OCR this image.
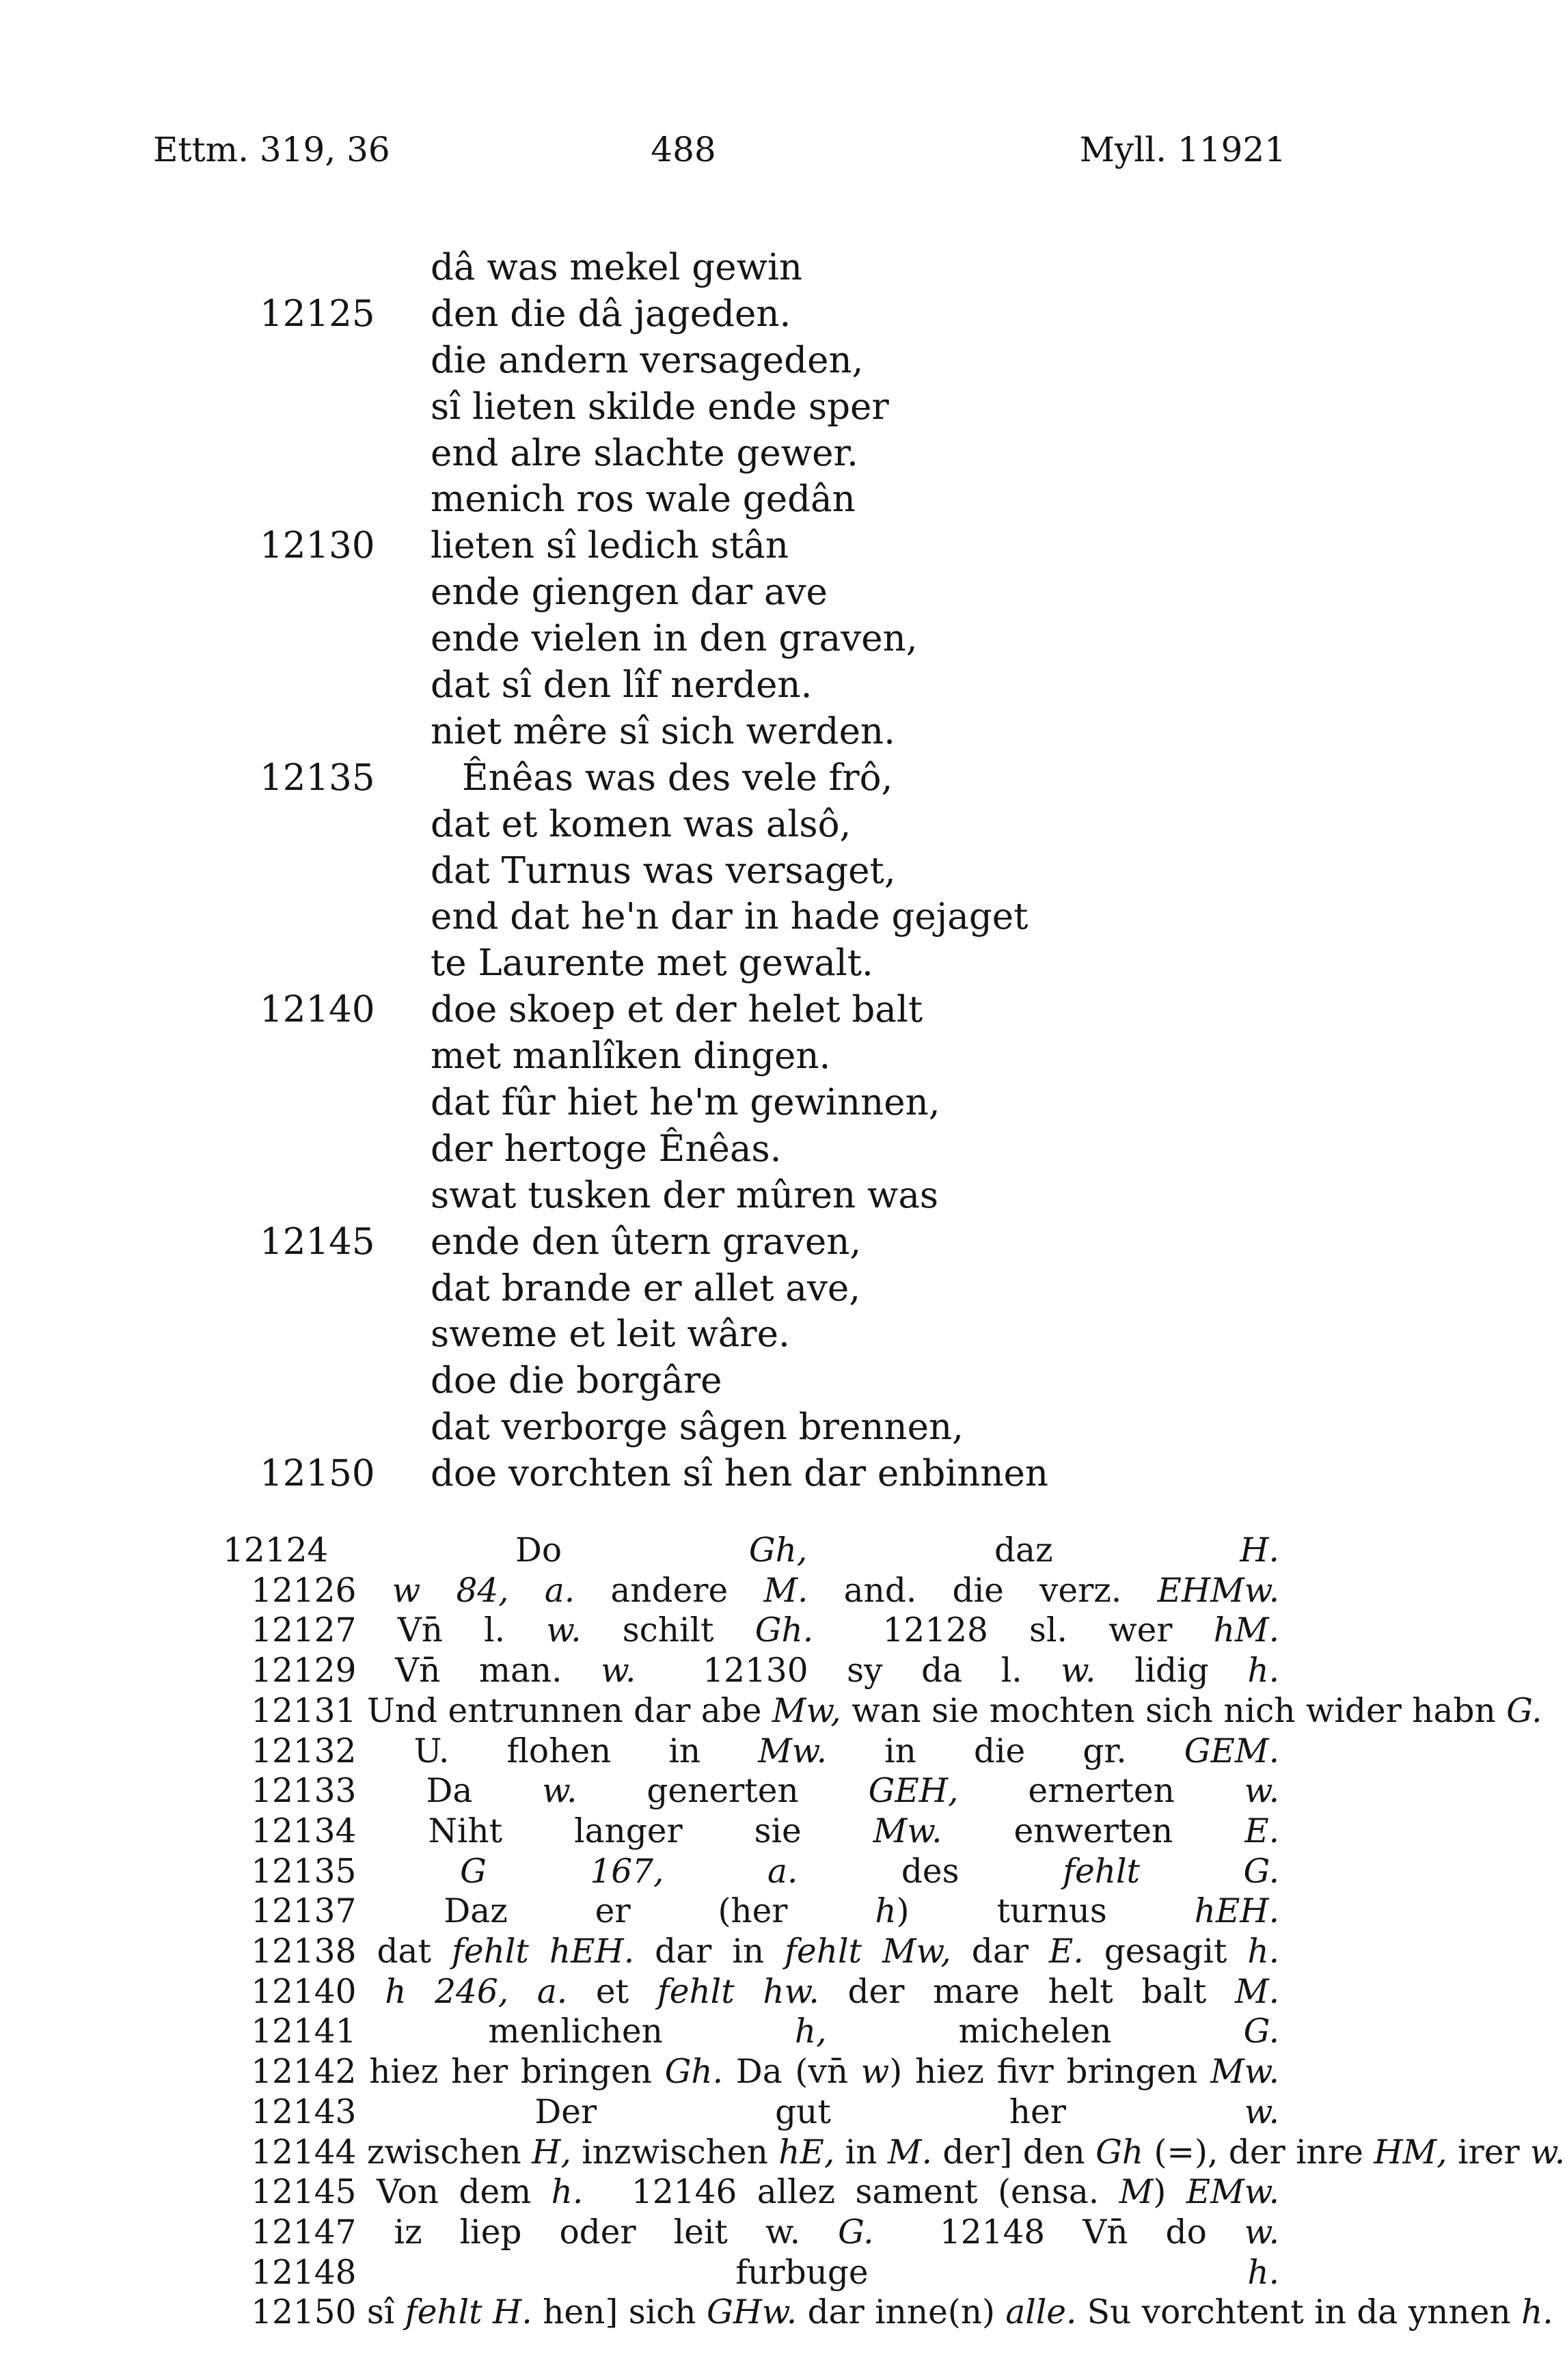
Ettm. 319, 36	488	Myll. 11921
dâ was mekel gewin
12125 den die dâ jageden.
die andern versageden,
sî lieten skilde ende sper
end alre slachte gewer.
menich ros wale gedân
12130 lieten sî ledich stân
ende giengen dar ave
ende vielen in den graven,
dat sî den lîf nerden.
niet mêre sî sich werden.
12135 Ênêas was des vele frô,
dat et komen was alsô,
dat Turnus was versaget,
end dat he'n dar in hade gejaget
te Laurente met gewalt.
12140 doe skoep et der helet balt
met manlîken dingen.
dat fûr hiet he'm gewinnen,
der hertoge Ênêas.
swat tusken der mûren was
12145 ende den ûtern graven,
dat brande er allet ave,
sweme et leit wâre.
doe die borgâre
dat verborge sâgen brennen,
12150 doe vorchten sî hen dar enbinnen
12124 Do Gh, daz H. 12126 w 84, a. andere M. and. die verz. EHMw. 12127 Vn̄ l. w. schilt Gh. 12128 sl. wer hM. 12129 Vn̄ man. w. 12130 sy da l. w. lidig h. 12131 Und entrunnen dar abe Mw, wan sie mochten sich nich wider habn G. 12132 U. flohen in Mw. in die gr. GEM. 12133 Da w. generten GEH, ernerten w. 12134 Niht langer sie Mw. enwerten E. 12135 G 167, a. des fehlt G. 12137 Daz er (her h) turnus hEH. 12138 dat fehlt hEH. dar in fehlt Mw, dar E. gesagit h. 12140 h 246, a. et fehlt hw. der mare helt balt M. 12141 menlichen h, michelen G. 12142 hiez her bringen Gh. Da (vn̄ w) hiez fivr bringen Mw. 12143 Der gut her w. 12144 zwischen H, inzwischen hE, in M. der] den Gh (=), der inre HM, irer w. 12145 Von dem h. 12146 allez sament (ensa. M) EMw. 12147 iz liep oder leit w. G. 12148 Vn̄ do w. 12148 furbuge h. 12150 sî fehlt H. hen] sich GHw. dar inne(n) alle. Su vorchtent in da ynnen h.
